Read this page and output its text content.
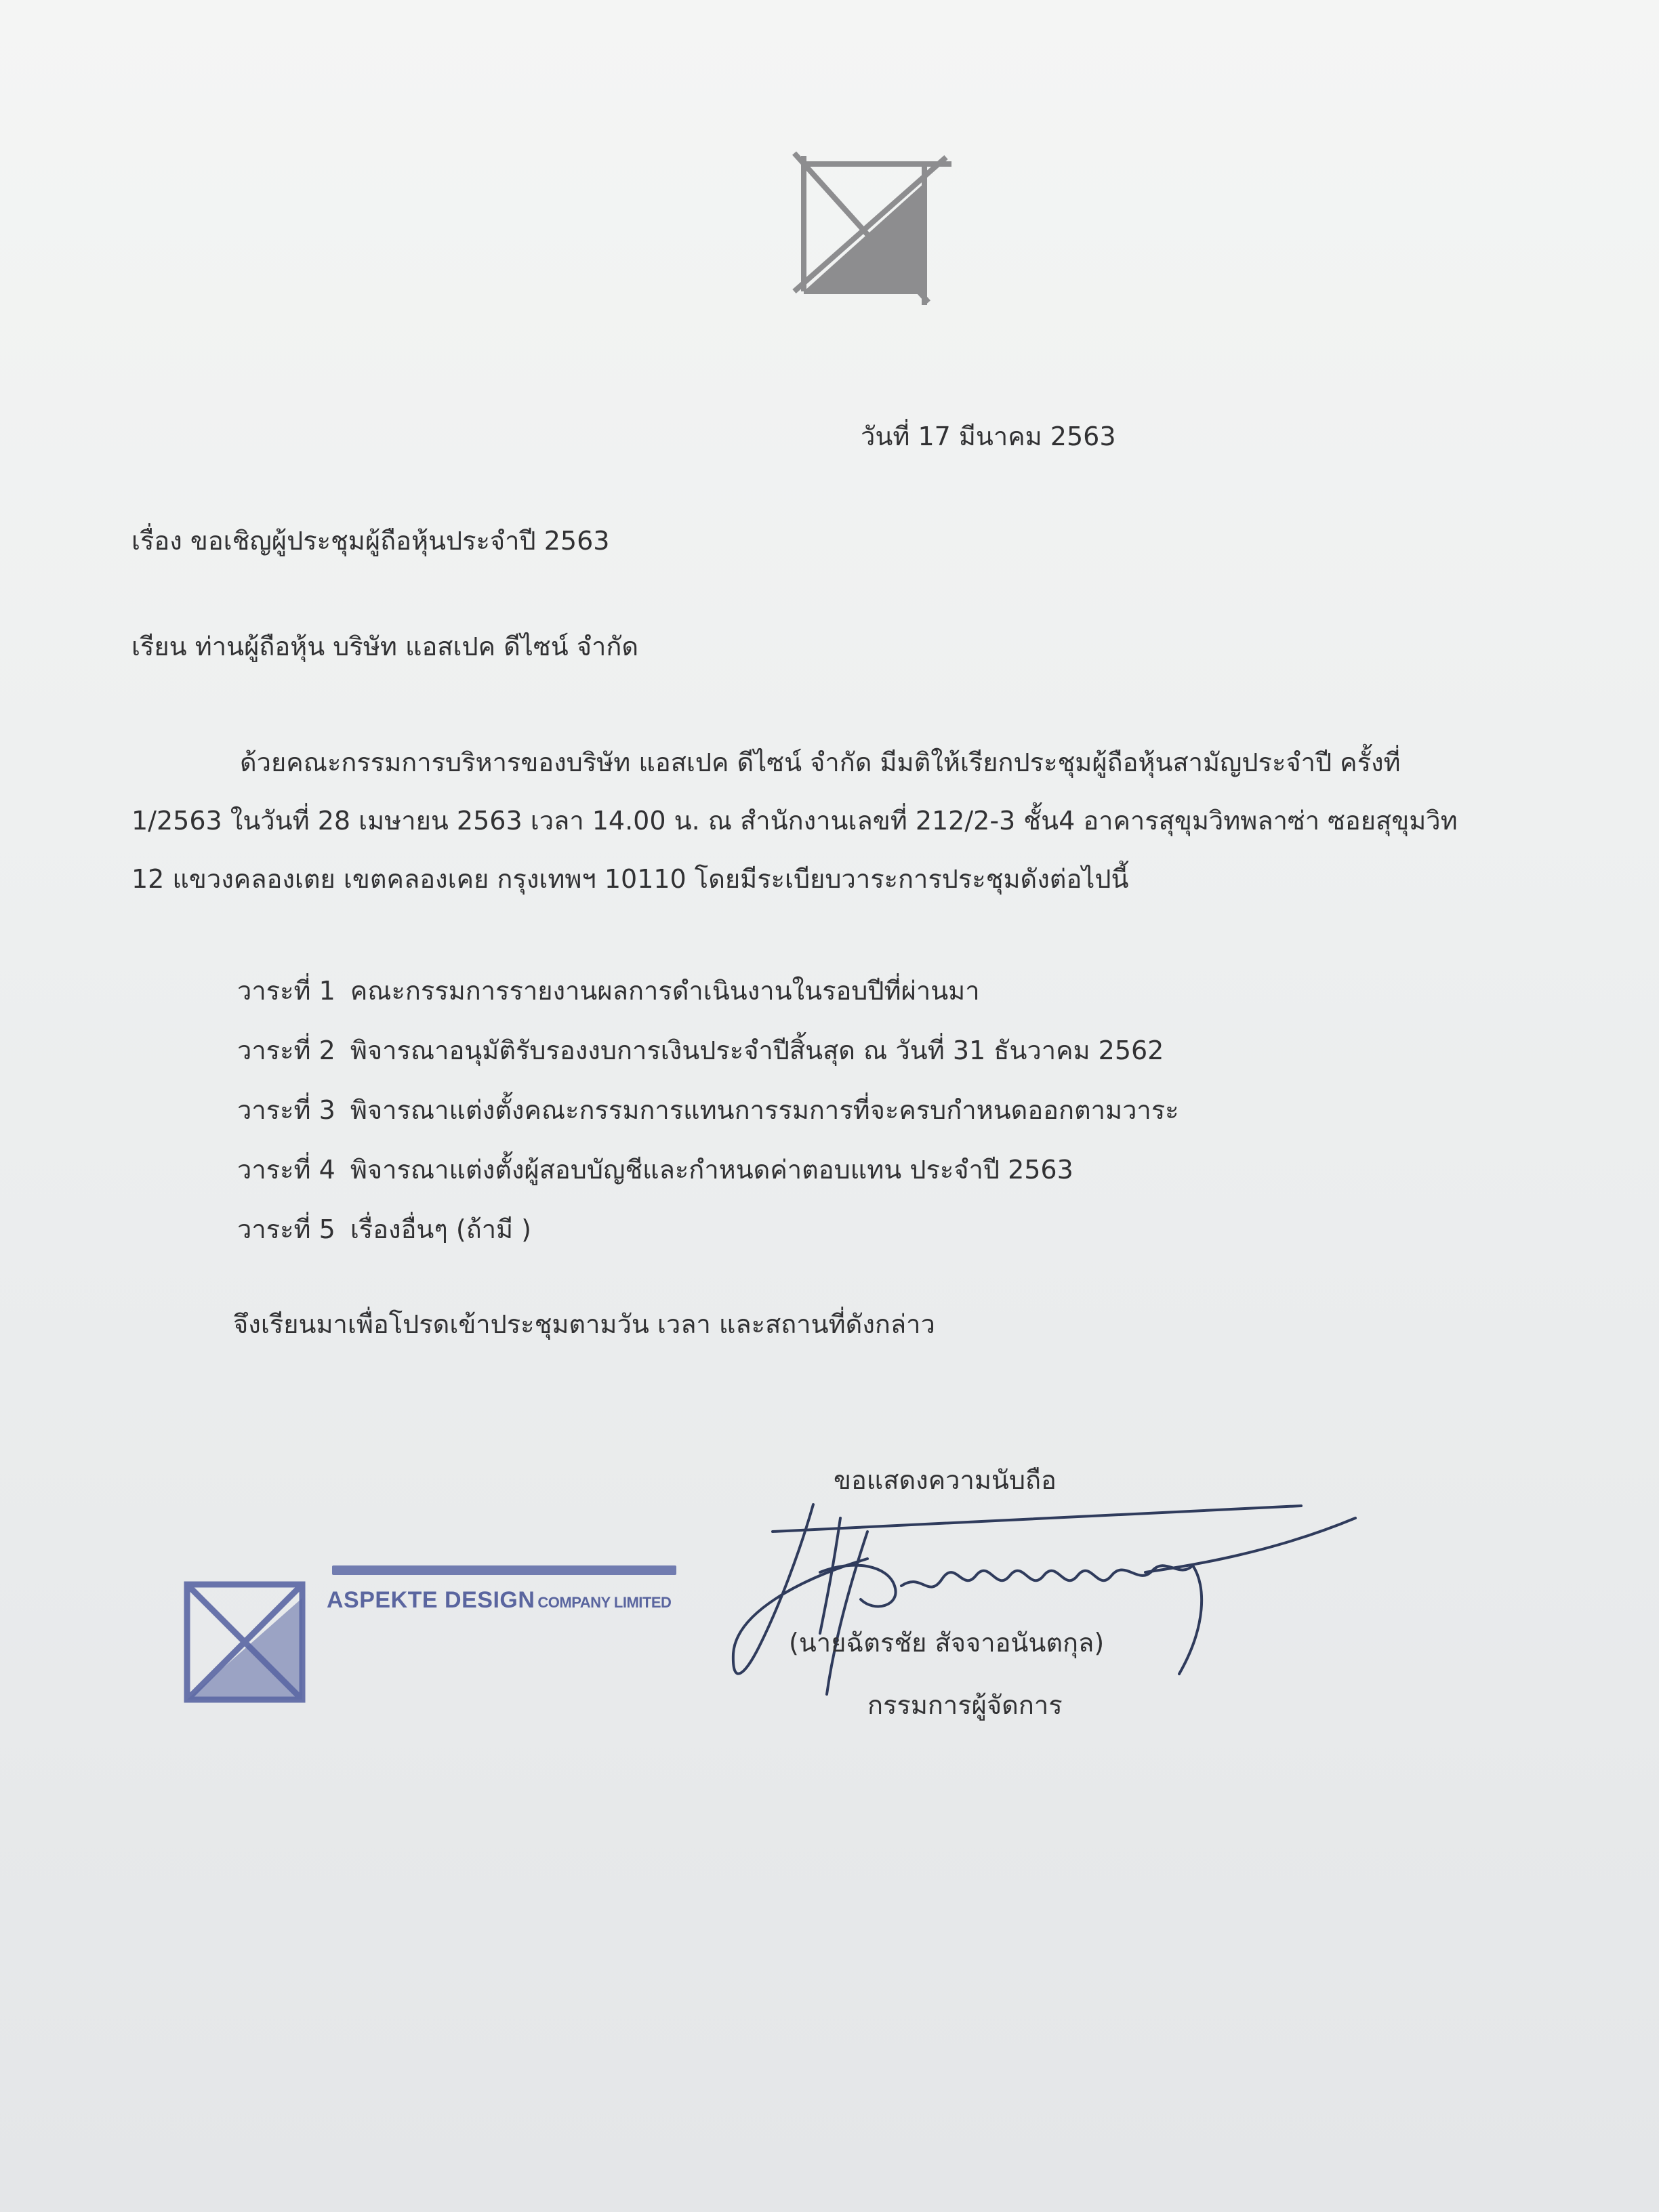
วันที่ 17 มีนาคม 2563
เรื่อง ขอเชิญผู้ประชุมผู้ถือหุ้นประจำปี 2563
เรียน ท่านผู้ถือหุ้น บริษัท แอสเปค ดีไซน์ จำกัด
ด้วยคณะกรรมการบริหารของบริษัท แอสเปค ดีไซน์ จำกัด มีมติให้เรียกประชุมผู้ถือหุ้นสามัญประจำปี ครั้งที่
1/2563 ในวันที่ 28 เมษายน 2563 เวลา 14.00 น. ณ สำนักงานเลขที่ 212/2-3 ชั้น4 อาคารสุขุมวิทพลาซ่า ซอยสุขุมวิท
12 แขวงคลองเตย เขตคลองเคย กรุงเทพฯ 10110 โดยมีระเบียบวาระการประชุมดังต่อไปนี้
วาระที่ 1 คณะกรรมการรายงานผลการดำเนินงานในรอบปีที่ผ่านมา
วาระที่ 2 พิจารณาอนุมัติรับรองงบการเงินประจำปีสิ้นสุด ณ วันที่ 31 ธันวาคม 2562
วาระที่ 3 พิจารณาแต่งตั้งคณะกรรมการแทนการรมการที่จะครบกำหนดออกตามวาระ
วาระที่ 4 พิจารณาแต่งตั้งผู้สอบบัญชีและกำหนดค่าตอบแทน ประจำปี 2563
วาระที่ 5 เรื่องอื่นๆ (ถ้ามี )
จึงเรียนมาเพื่อโปรดเข้าประชุมตามวัน เวลา และสถานที่ดังกล่าว
ขอแสดงความนับถือ
ASPEKTE DESIGN COMPANY LIMITED
(นายฉัตรชัย สัจจาอนันตกุล)
กรรมการผู้จัดการ
